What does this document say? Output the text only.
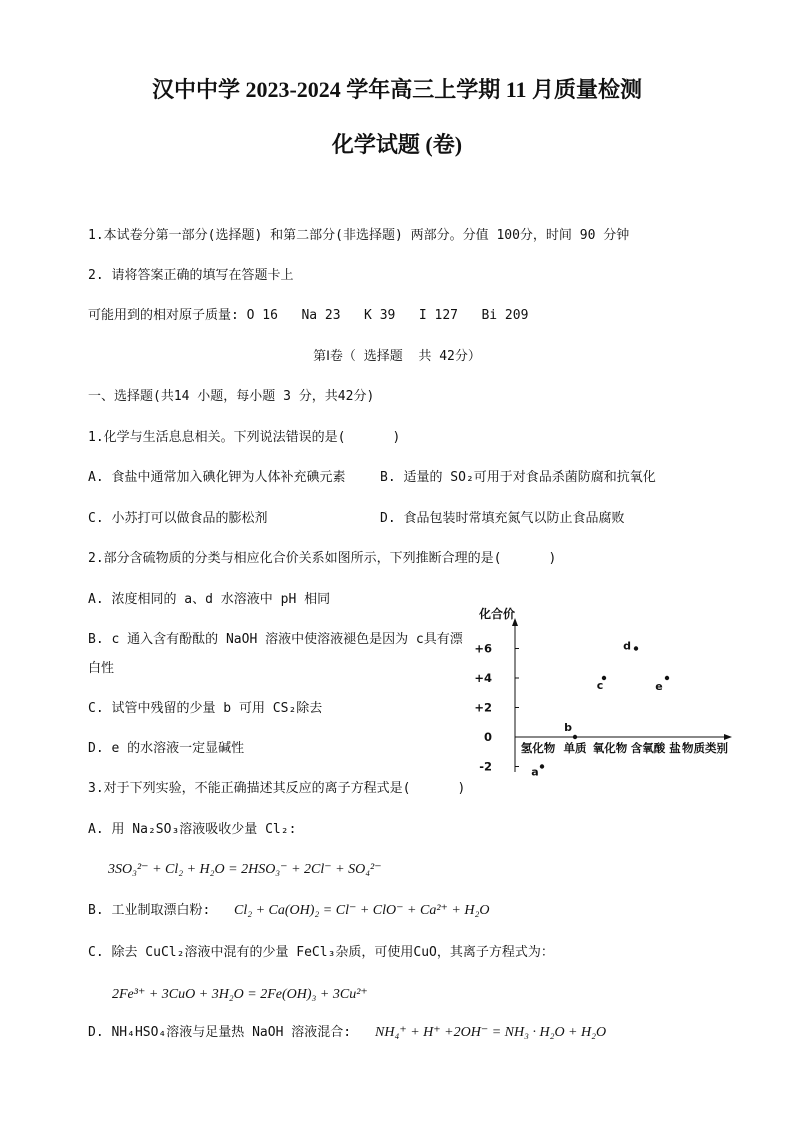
汉中中学 2023-2024 学年高三上学期 11 月质量检测
化学试题 (卷)
1.本试卷分第一部分(选择题) 和第二部分(非选择题) 两部分。分值 100分，时间 90 分钟
2. 请将答案正确的填写在答题卡上
可能用到的相对原子质量: O 16   Na 23   K 39   I 127   Bi 209
第Ⅰ卷（ 选择题  共 42分）
一、选择题(共14 小题，每小题 3 分，共42分)
1.化学与生活息息相关。下列说法错误的是(      )
A. 食盐中通常加入碘化钾为人体补充碘元素	B. 适量的 SO₂可用于对食品杀菌防腐和抗氧化
C. 小苏打可以做食品的膨松剂	D. 食品包装时常填充氮气以防止食品腐败
2.部分含硫物质的分类与相应化合价关系如图所示，下列推断合理的是(      )
A. 浓度相同的 a、d 水溶液中 pH 相同
B. c 通入含有酚酞的 NaOH 溶液中使溶液褪色是因为 c具有漂
白性
C. 试管中残留的少量 b 可用 CS₂除去
D. e 的水溶液一定显碱性
化合价
+6
+4
+2
0
-2
氢化物 单质 氧化物 含氧酸 盐 物质类别
a
b
c
d
e
3.对于下列实验，不能正确描述其反应的离子方程式是(      )
A. 用 Na₂SO₃溶液吸收少量 Cl₂:
3SO₃²⁻ + Cl₂ + H₂O = 2HSO₃⁻ + 2Cl⁻ + SO₄²⁻
B. 工业制取漂白粉: Cl₂ + Ca(OH)₂ = Cl⁻ + ClO⁻ + Ca²⁺ + H₂O
C. 除去 CuCl₂溶液中混有的少量 FeCl₃杂质，可使用CuO，其离子方程式为：
2Fe³⁺ + 3CuO + 3H₂O = 2Fe(OH)₃ + 3Cu²⁺
D. NH₄HSO₄溶液与足量热 NaOH 溶液混合: NH₄⁺ + H⁺ +2OH⁻ = NH₃ · H₂O + H₂O
